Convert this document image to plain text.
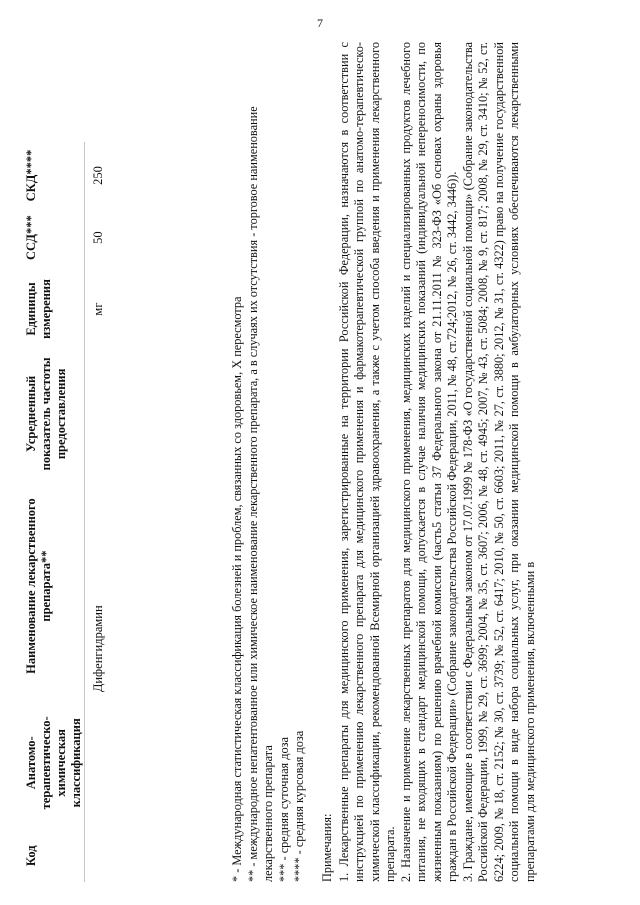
7
Код	Анатомо-терапевтическо-химическая классификация	Наименование лекарственного препарата**	Усредненный показатель частоты предоставления	Единицы измерения	ССД***	СКД****
		Дифенгидрамин		мг	50	250

* - Международная статистическая классификация болезней и проблем, связанных со здоровьем, X пересмотра ** - международное непатентованное или химическое наименование лекарственного препарата, а в случаях их отсутствия - торговое наименование лекарственного препарата *** - средняя суточная доза **** - средняя курсовая доза Примечания: 1. Лекарственные препараты для медицинского применения, зарегистрированные на территории Российской Федерации, назначаются в соответствии с инструкцией по применению лекарственного препарата для медицинского применения и фармакотерапевтической группой по анатомо-терапевтическо-химической классификации, рекомендованной Всемирной организацией здравоохранения, а также с учетом способа введения и применения лекарственного препарата. 2. Назначение и применение лекарственных препаратов для медицинского применения, медицинских изделий и специализированных продуктов лечебного питания, не входящих в стандарт медицинской помощи, допускается в случае наличия медицинских показаний (индивидуальной непереносимости, по жизненным показаниям) по решению врачебной комиссии (часть5 статьи 37 Федерального закона от 21.11.2011 № 323-ФЗ «Об основах охраны здоровья граждан в Российской Федерации» (Собрание законодательства Российской Федерации, 2011, № 48, ст.724;2012, № 26, ст. 3442, 3446)). 3. Граждане, имеющие в соответствии с Федеральным законом от 17.07.1999 № 178-ФЗ «О государственной социальной помощи» (Собрание законодательства Российской Федерации, 1999, № 29, ст. 3699; 2004, № 35, ст. 3607; 2006, № 48, ст. 4945; 2007, № 43, ст. 5084; 2008, № 9, ст. 817; 2008, № 29, ст. 3410; № 52, ст. 6224; 2009, № 18, ст. 2152; № 30, ст. 3739; № 52, ст. 6417; 2010, № 50, ст. 6603; 2011, № 27, ст. 3880; 2012, № 31, ст. 4322) право на получение государственной социальной помощи в виде набора социальных услуг, при оказании медицинской помощи в амбулаторных условиях обеспечиваются лекарственными препаратами для медицинского применения, включенными в
